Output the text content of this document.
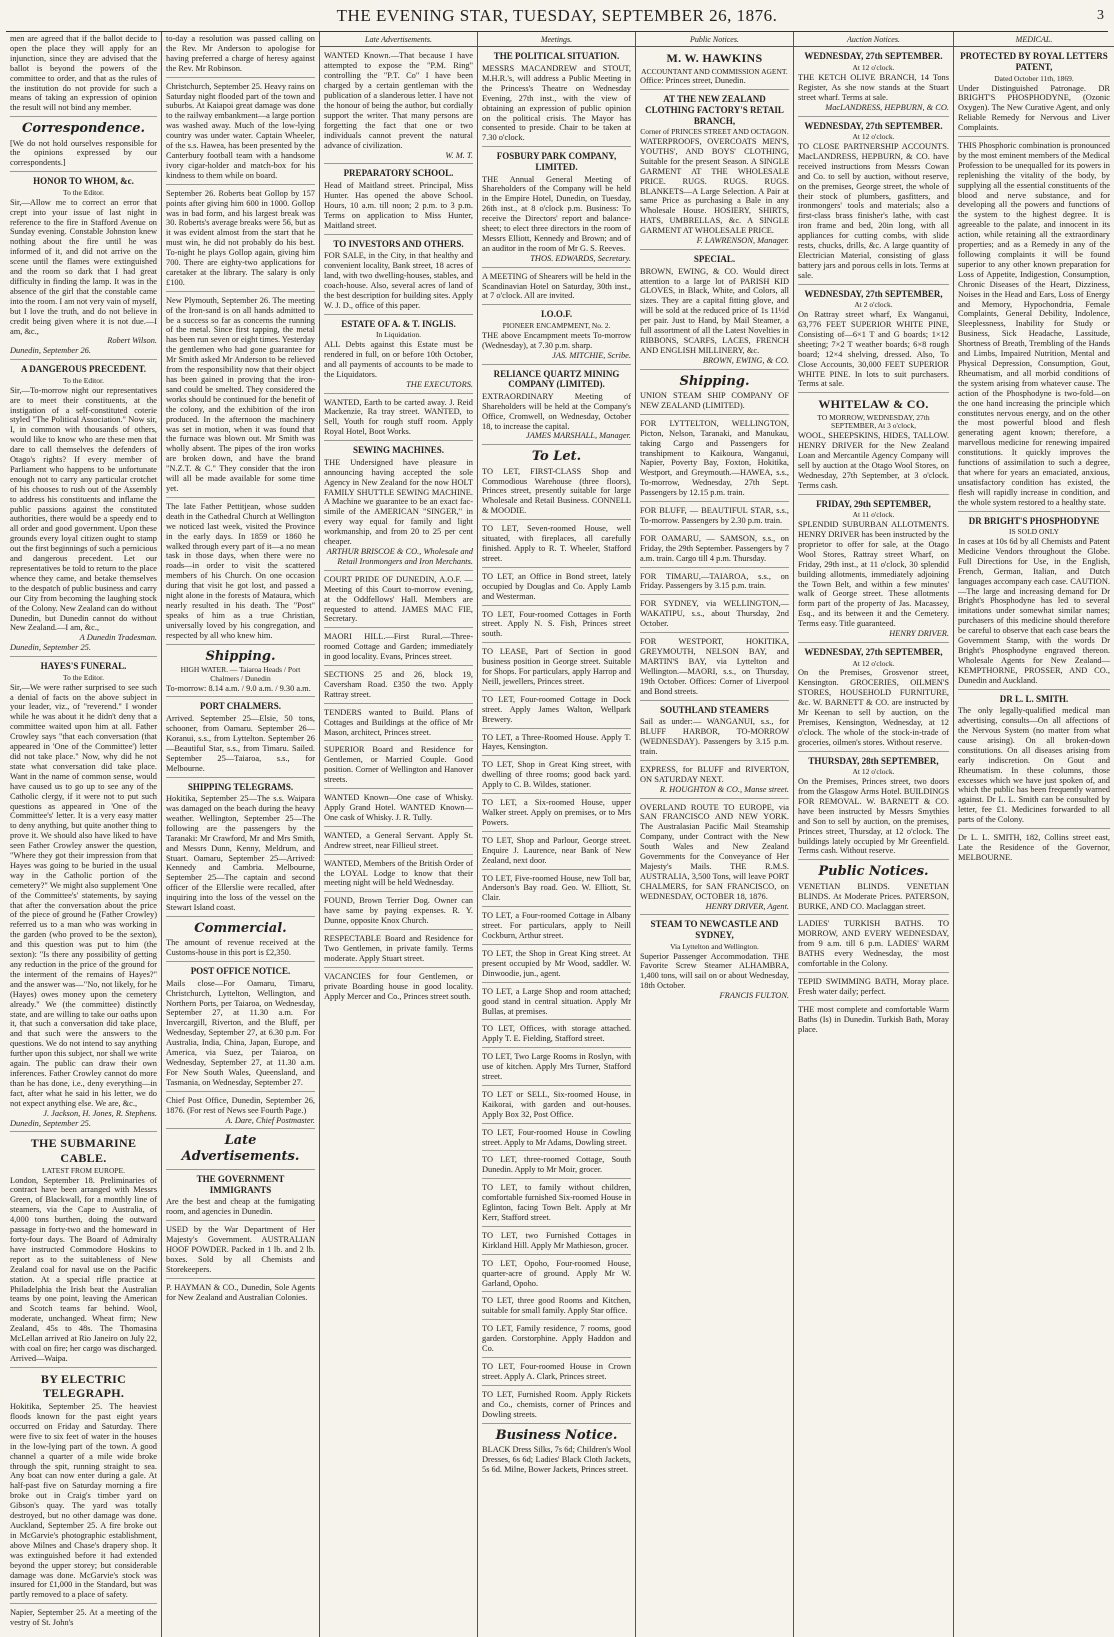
THE EVENING STAR, TUESDAY, SEPTEMBER 26, 1876.	3
men are agreed that if the ballot decide to open the place they will apply for an injunction, since they are advised that the ballot is beyond the powers of the committee to order, and that as the rules of the institution do not provide for such a means of taking an expression of opinion the result will not bind any member.
Correspondence.
[We do not hold ourselves responsible for the opinions expressed by our correspondents.]
HONOR TO WHOM, &c.
To the Editor.
Sir,—Allow me to correct an error that crept into your issue of last night in reference to the fire in Stafford Avenue on Sunday evening. Constable Johnston knew nothing about the fire until he was informed of it, and did not arrive on the scene until the flames were extinguished and the room so dark that I had great difficulty in finding the lamp. It was in the absence of the girl that the constable came into the room. I am not very vain of myself, but I love the truth, and do not believe in credit being given where it is not due.—I am, &c.,
Robert Wilson.
Dunedin, September 26.
A DANGEROUS PRECEDENT.
To the Editor.
Sir,—To-morrow night our representatives are to meet their constituents, at the instigation of a self-constituted coterie styled "The Political Association." Now sir, I, in common with thousands of others, would like to know who are these men that dare to call themselves the defenders of Otago's rights? If every member of Parliament who happens to be unfortunate enough not to carry any particular crotchet of his chooses to rush out of the Assembly to address his constituents and inflame the public passions against the constituted authorities, there would be a speedy end to all order and good government. Upon these grounds every loyal citizen ought to stamp out the first beginnings of such a pernicious and dangerous precedent. Let our representatives be told to return to the place whence they came, and betake themselves to the despatch of public business and carry our City from becoming the laughing stock of the Colony. New Zealand can do without Dunedin, but Dunedin cannot do without New Zealand.—I am, &c.,
A Dunedin Tradesman.
Dunedin, September 25.
HAYES'S FUNERAL.
To the Editor.
Sir,—We were rather surprised to see such a denial of facts on the above subject in your leader, viz., of "reverend." I wonder while he was about it he didn't deny that a committee waited upon him at all. Father Crowley says "that each conversation (that appeared in 'One of the Committee') letter did not take place." Now, why did he not state what conversation did take place. Want in the name of common sense, would have caused us to go up to see any of the Catholic clergy, if it were not to put such questions as appeared in 'One of the Committee's' letter. It is a very easy matter to deny anything, but quite another thing to prove it. We should also have liked to have seen Father Crowley answer the question, "Where they got their impression from that Hayes was going to be buried in the usual way in the Catholic portion of the cemetery?" We might also supplement 'One of the Committee's' statements, by saying that after the conversation about the price of the piece of ground he (Father Crowley) referred us to a man who was working in the garden (who proved to be the sexton), and this question was put to him (the sexton): "Is there any possibility of getting any reduction in the price of the ground for the interment of the remains of Hayes?" and the answer was—"No, not likely, for he (Hayes) owes money upon the cemetery already." We (the committee) distinctly state, and are willing to take our oaths upon it, that such a conversation did take place, and that such were the answers to the questions. We do not intend to say anything further upon this subject, nor shall we write again. The public can draw their own inferences. Father Crowley cannot do more than he has done, i.e., deny everything—in fact, after what he said in his letter, we do not expect anything else. We are, &c.,
J. Jackson, H. Jones, R. Stephens.
Dunedin, September 25.
THE SUBMARINE CABLE.
LATEST FROM EUROPE.
London, September 18. Preliminaries of contract have been arranged with Messrs Green, of Blackwall, for a monthly line of steamers, via the Cape to Australia, of 4,000 tons burthen, doing the outward passage in forty-two and the homeward in forty-four days. The Board of Admiralty have instructed Commodore Hoskins to report as to the suitableness of New Zealand coal for naval use on the Pacific station. At a special rifle practice at Philadelphia the Irish beat the Australian teams by one point, leaving the American and Scotch teams far behind. Wool, moderate, unchanged. Wheat firm; New Zealand, 45s to 48s. The Thomasina McLellan arrived at Rio Janeiro on July 22, with coal on fire; her cargo was discharged. Arrived—Waipa.
BY ELECTRIC TELEGRAPH.
Hokitika, September 25. The heaviest floods known for the past eight years occurred on Friday and Saturday. There were five to six feet of water in the houses in the low-lying part of the town. A good channel a quarter of a mile wide broke through the spit, running straight to sea. Any boat can now enter during a gale. At half-past five on Saturday morning a fire broke out in Craig's timber yard on Gibson's quay. The yard was totally destroyed, but no other damage was done. Auckland, September 25. A fire broke out in McGarvie's photographic establishment, above Milnes and Chase's drapery shop. It was extinguished before it had extended beyond the upper storey; but considerable damage was done. McGarvie's stock was insured for £1,000 in the Standard, but was partly removed to a place of safety.
Napier, September 25. At a meeting of the vestry of St. John's
to-day a resolution was passed calling on the Rev. Mr Anderson to apologise for having preferred a charge of heresy against the Rev. Mr Robinson.
Christchurch, September 25. Heavy rains on Saturday night flooded part of the town and suburbs. At Kaiapoi great damage was done to the railway embankment—a large portion was washed away. Much of the low-lying country was under water. Captain Wheeler, of the s.s. Hawea, has been presented by the Canterbury football team with a handsome ivory cigar-holder and match-box for his kindness to them while on board.
September 26. Roberts beat Gollop by 157 points after giving him 600 in 1000. Gollop was in bad form, and his largest break was 30. Roberts's average breaks were 56, but as it was evident almost from the start that he must win, he did not probably do his best. To-night he plays Gollop again, giving him 700. There are eighty-two applications for caretaker at the library. The salary is only £100.
New Plymouth, September 26. The meeting of the Iron-sand is on all hands admitted to be a success so far as concerns the running of the metal. Since first tapping, the metal has been run seven or eight times. Yesterday the gentlemen who had gone guarantee for Mr Smith asked Mr Anderson to be relieved from the responsibility now that their object has been gained in proving that the iron-sand could be smelted. They considered the works should be continued for the benefit of the colony, and the exhibition of the iron produced. In the afternoon the machinery was set in motion, when it was found that the furnace was blown out. Mr Smith was wholly absent. The pipes of the iron works are broken down, and have the brand "N.Z.T. & C." They consider that the iron will all be made available for some time yet.
The late Father Pettitjean, whose sudden death in the Cathedral Church at Wellington we noticed last week, visited the Province in the early days. In 1859 or 1860 he walked through every part of it—a no mean task in those days, when there were no roads—in order to visit the scattered members of his Church. On one occasion during that visit he got lost, and passed a night alone in the forests of Mataura, which nearly resulted in his death. The "Post" speaks of him as a true Christian, universally loved by his congregation, and respected by all who knew him.
Shipping.
HIGH WATER. — Taiaroa Heads / Port Chalmers / Dunedin
To-morrow: 8.14 a.m. / 9.0 a.m. / 9.30 a.m.
PORT CHALMERS.
Arrived. September 25—Elsie, 50 tons, schooner, from Oamaru. September 26—Koranui, s.s., from Lyttelton. September 26—Beautiful Star, s.s., from Timaru. Sailed. September 25—Taiaroa, s.s., for Melbourne.
SHIPPING TELEGRAMS.
Hokitika, September 25—The s.s. Waipara was damaged on the beach during the heavy weather. Wellington, September 25—The following are the passengers by the Taranaki: Mr Crawford, Mr and Mrs Smith, and Messrs Dunn, Kenny, Meldrum, and Stuart. Oamaru, September 25—Arrived: Kennedy and Cambria. Melbourne, September 25—The captain and second officer of the Ellerslie were recalled, after inquiring into the loss of the vessel on the Stewart Island coast.
Commercial.
The amount of revenue received at the Customs-house in this port is £2,350.
POST OFFICE NOTICE.
Mails close—For Oamaru, Timaru, Christchurch, Lyttelton, Wellington, and Northern Ports, per Taiaroa, on Wednesday, September 27, at 11.30 a.m. For Invercargill, Riverton, and the Bluff, per Wednesday, September 27, at 6.30 p.m. For Australia, India, China, Japan, Europe, and America, via Suez, per Taiaroa, on Wednesday, September 27, at 11.30 a.m. For New South Wales, Queensland, and Tasmania, on Wednesday, September 27.
Chief Post Office, Dunedin, September 26, 1876. (For rest of News see Fourth Page.)
A. Dare, Chief Postmaster.
Late Advertisements.
THE GOVERNMENT IMMIGRANTS
Are the best and cheap at the fumigating room, and agencies in Dunedin.
USED by the War Department of Her Majesty's Government. AUSTRALIAN HOOF POWDER. Packed in 1 lb. and 2 lb. boxes. Sold by all Chemists and Storekeepers.
P. HAYMAN & CO., Dunedin, Sole Agents for New Zealand and Australian Colonies.
Late Advertisements.
WANTED Known.—That because I have attempted to expose the "P.M. Ring" controlling the "P.T. Co" I have been charged by a certain gentleman with the publication of a slanderous letter. I have not the honour of being the author, but cordially support the writer. That many persons are forgetting the fact that one or two individuals cannot prevent the natural advance of civilization.
W. M. T.
PREPARATORY SCHOOL.
Head of Maitland street. Principal, Miss Hunter. Has opened the above School. Hours, 10 a.m. till noon; 2 p.m. to 3 p.m. Terms on application to Miss Hunter, Maitland street.
TO INVESTORS AND OTHERS.
FOR SALE, in the City, in that healthy and convenient locality, Bank street, 18 acres of land, with two dwelling-houses, stables, and coach-house. Also, several acres of land of the best description for building sites. Apply W. J. D., office of this paper.
ESTATE OF A. & T. INGLIS.
In Liquidation.
ALL Debts against this Estate must be rendered in full, on or before 10th October, and all payments of accounts to be made to the Liquidators.
THE EXECUTORS.
WANTED, Earth to be carted away. J. Reid Mackenzie, Ra tray street. WANTED, to Sell, Youth for rough stuff room. Apply Royal Hotel, Boot Works.
SEWING MACHINES.
THE Undersigned have pleasure in announcing having accepted the sole Agency in New Zealand for the now HOLT FAMILY SHUTTLE SEWING MACHINE. A Machine we guarantee to be an exact fac-simile of the AMERICAN "SINGER," in every way equal for family and light workmanship, and from 20 to 25 per cent cheaper.
ARTHUR BRISCOE & CO., Wholesale and Retail Ironmongers and Iron Merchants.
COURT PRIDE OF DUNEDIN, A.O.F. — Meeting of this Court to-morrow evening, at the Oddfellows' Hall. Members are requested to attend. JAMES MAC FIE, Secretary.
MAORI HILL.—First Rural.—Three-roomed Cottage and Garden; immediately in good locality. Evans, Princes street.
SECTIONS 25 and 26, block 19, Caversham Road. £350 the two. Apply Rattray street.
TENDERS wanted to Build. Plans of Cottages and Buildings at the office of Mr Mason, architect, Princes street.
SUPERIOR Board and Residence for Gentlemen, or Married Couple. Good position. Corner of Wellington and Hanover streets.
WANTED Known—One case of Whisky. Apply Grand Hotel. WANTED Known—One cask of Whisky. J. R. Tully.
WANTED, a General Servant. Apply St. Andrew street, near Fillieul street.
WANTED, Members of the British Order of the LOYAL Lodge to know that their meeting night will be held Wednesday.
FOUND, Brown Terrier Dog. Owner can have same by paying expenses. R. Y. Dunne, opposite Knox Church.
RESPECTABLE Board and Residence for Two Gentlemen, in private family. Terms moderate. Apply Stuart street.
VACANCIES for four Gentlemen, or private Boarding house in good locality. Apply Mercer and Co., Princes street south.
Meetings.
THE POLITICAL SITUATION.
MESSRS MACANDREW and STOUT, M.H.R.'s, will address a Public Meeting in the Princess's Theatre on Wednesday Evening, 27th inst., with the view of obtaining an expression of public opinion on the political crisis. The Mayor has consented to preside. Chair to be taken at 7.30 o'clock.
FOSBURY PARK COMPANY, LIMITED.
THE Annual General Meeting of Shareholders of the Company will be held in the Empire Hotel, Dunedin, on Tuesday, 26th inst., at 8 o'clock p.m. Business: To receive the Directors' report and balance-sheet; to elect three directors in the room of Messrs Elliott, Kennedy and Brown; and of an auditor in the room of Mr G. S. Reeves.
THOS. EDWARDS, Secretary.
A MEETING of Shearers will be held in the Scandinavian Hotel on Saturday, 30th inst., at 7 o'clock. All are invited.
I.O.O.F.
PIONEER ENCAMPMENT, No. 2.
THE above Encampment meets To-morrow (Wednesday), at 7.30 p.m. sharp.
JAS. MITCHIE, Scribe.
RELIANCE QUARTZ MINING COMPANY (LIMITED).
EXTRAORDINARY Meeting of Shareholders will be held at the Company's Office, Cromwell, on Wednesday, October 18, to increase the capital.
JAMES MARSHALL, Manager.
To Let.
TO LET, FIRST-CLASS Shop and Commodious Warehouse (three floors), Princes street, presently suitable for large Wholesale and Retail Business. CONNELL & MOODIE.
TO LET, Seven-roomed House, well situated, with fireplaces, all carefully finished. Apply to R. T. Wheeler, Stafford street.
TO LET, an Office in Bond street, lately occupied by Douglas and Co. Apply Lamb and Westerman.
TO LET, Four-roomed Cottages in Forth street. Apply N. S. Fish, Princes street south.
TO LEASE, Part of Section in good business position in George street. Suitable for Shops. For particulars, apply Harrop and Neill, jewellers, Princes street.
TO LET, Four-roomed Cottage in Dock street. Apply James Walton, Wellpark Brewery.
TO LET, a Three-Roomed House. Apply T. Hayes, Kensington.
TO LET, Shop in Great King street, with dwelling of three rooms; good back yard. Apply to C. B. Wildes, stationer.
TO LET, a Six-roomed House, upper Walker street. Apply on premises, or to Mrs Powers.
TO LET, Shop and Parlour, George street. Enquire J. Laurence, near Bank of New Zealand, next door.
TO LET, Five-roomed House, new Toll bar, Anderson's Bay road. Geo. W. Elliott, St. Clair.
TO LET, a Four-roomed Cottage in Albany street. For particulars, apply to Neill Cockburn, Arthur street.
TO LET, the Shop in Great King street. At present occupied by Mr Wood, saddler. W. Dinwoodie, jun., agent.
TO LET, a Large Shop and room attached; good stand in central situation. Apply Mr Bullas, at premises.
TO LET, Offices, with storage attached. Apply T. E. Fielding, Stafford street.
TO LET, Two Large Rooms in Roslyn, with use of kitchen. Apply Mrs Turner, Stafford street.
TO LET or SELL, Six-roomed House, in Kaikorai, with garden and out-houses. Apply Box 32, Post Office.
TO LET, Four-roomed House in Cowling street. Apply to Mr Adams, Dowling street.
TO LET, three-roomed Cottage, South Dunedin. Apply to Mr Moir, grocer.
TO LET, to family without children, comfortable furnished Six-roomed House in Eglinton, facing Town Belt. Apply at Mr Kerr, Stafford street.
TO LET, two Furnished Cottages in Kirkland Hill. Apply Mr Mathieson, grocer.
TO LET, Opoho, Four-roomed House, quarter-acre of ground. Apply Mr W. Garland, Opoho.
TO LET, three good Rooms and Kitchen, suitable for small family. Apply Star office.
TO LET, Family residence, 7 rooms, good garden. Corstorphine. Apply Haddon and Co.
TO LET, Four-roomed House in Crown street. Apply A. Clark, Princes street.
TO LET, Furnished Room. Apply Rickets and Co., chemists, corner of Princes and Dowling streets.
Business Notice.
BLACK Dress Silks, 7s 6d; Children's Wool Dresses, 6s 6d; Ladies' Black Cloth Jackets, 5s 6d. Milne, Bower Jackets, Princes street.
Public Notices.
M. W. HAWKINS
ACCOUNTANT AND COMMISSION AGENT.
Office: Princes street, Dunedin.
AT THE NEW ZEALAND CLOTHING FACTORY'S RETAIL BRANCH,
Corner of PRINCES STREET AND OCTAGON.
WATERPROOFS, OVERCOATS MEN'S, YOUTHS', AND BOYS' CLOTHING, Suitable for the present Season. A SINGLE GARMENT AT THE WHOLESALE PRICE. RUGS. RUGS. RUGS. BLANKETS—A Large Selection. A Pair at same Price as purchasing a Bale in any Wholesale House. HOSIERY, SHIRTS, HATS, UMBRELLAS, &c. A SINGLE GARMENT AT WHOLESALE PRICE.
F. LAWRENSON, Manager.
SPECIAL.
BROWN, EWING, & CO. Would direct attention to a large lot of PARISH KID GLOVES, in Black, White, and Colors, all sizes. They are a capital fitting glove, and will be sold at the reduced price of 1s 11½d per pair. Just to Hand, by Mail Steamer, a full assortment of all the Latest Novelties in RIBBONS, SCARFS, LACES, FRENCH AND ENGLISH MILLINERY, &c.
BROWN, EWING, & CO.
Shipping.
UNION STEAM SHIP COMPANY OF NEW ZEALAND (LIMITED).
FOR LYTTELTON, WELLINGTON, Picton, Nelson, Taranaki, and Manukau, taking Cargo and Passengers for transhipment to Kaikoura, Wanganui, Napier, Poverty Bay, Foxton, Hokitika, Westport, and Greymouth.—HAWEA, s.s., To-morrow, Wednesday, 27th Sept. Passengers by 12.15 p.m. train.
FOR BLUFF, — BEAUTIFUL STAR, s.s., To-morrow. Passengers by 2.30 p.m. train.
FOR OAMARU, — SAMSON, s.s., on Friday, the 29th September. Passengers by 7 a.m. train. Cargo till 4 p.m. Thursday.
FOR TIMARU,—TAIAROA, s.s., on Friday. Passengers by 3.15 p.m. train.
FOR SYDNEY, via WELLINGTON,—WAKATIPU, s.s., about Thursday, 2nd October.
FOR WESTPORT, HOKITIKA, GREYMOUTH, NELSON BAY, and MARTIN'S BAY, via Lyttelton and Wellington.—MAORI, s.s., on Thursday, 19th October. Offices: Corner of Liverpool and Bond streets.
SOUTHLAND STEAMERS
Sail as under:— WANGANUI, s.s., for BLUFF HARBOR, TO-MORROW (WEDNESDAY). Passengers by 3.15 p.m. train.
EXPRESS, for BLUFF and RIVERTON, ON SATURDAY NEXT.
R. HOUGHTON & CO., Manse street.
OVERLAND ROUTE TO EUROPE, via SAN FRANCISCO AND NEW YORK. The Australasian Pacific Mail Steamship Company, under Contract with the New South Wales and New Zealand Governments for the Conveyance of Her Majesty's Mails. THE R.M.S. AUSTRALIA, 3,500 Tons, will leave PORT CHALMERS, for SAN FRANCISCO, on WEDNESDAY, OCTOBER 18, 1876.
HENRY DRIVER, Agent.
STEAM TO NEWCASTLE AND SYDNEY,
Via Lyttelton and Wellington.
Superior Passenger Accommodation. THE Favorite Screw Steamer ALHAMBRA, 1,400 tons, will sail on or about Wednesday, 18th October.
FRANCIS FULTON.
Auction Notices.
WEDNESDAY, 27th SEPTEMBER.
At 12 o'clock.
THE KETCH OLIVE BRANCH, 14 Tons Register, As she now stands at the Stuart street wharf. Terms at sale.
MacLANDRESS, HEPBURN, & CO.
WEDNESDAY, 27th SEPTEMBER.
At 12 o'clock.
TO CLOSE PARTNERSHIP ACCOUNTS. MacLANDRESS, HEPBURN, & CO. have received instructions from Messrs Cowan and Co. to sell by auction, without reserve, on the premises, George street, the whole of their stock of plumbers, gasfitters, and ironmongers' tools and materials; also a first-class brass finisher's lathe, with cast iron frame and bed, 20in long, with all appliances for cutting combs, with slide rests, chucks, drills, &c. A large quantity of Electrician Material, consisting of glass battery jars and porous cells in lots. Terms at sale.
WEDNESDAY, 27th SEPTEMBER,
At 2 o'clock.
On Rattray street wharf, Ex Wanganui, 63,776 FEET SUPERIOR WHITE PINE, Consisting of—6×1 T and G boards; 1×12 sheeting; 7×2 T weather boards; 6×8 rough board; 12×4 shelving, dressed. Also, To Close Accounts, 30,000 FEET SUPERIOR WHITE PINE. In lots to suit purchasers. Terms at sale.
WHITELAW & CO.
TO MORROW, WEDNESDAY, 27th SEPTEMBER, At 3 o'clock,
WOOL, SHEEPSKINS, HIDES, TALLOW. HENRY DRIVER for the New Zealand Loan and Mercantile Agency Company will sell by auction at the Otago Wool Stores, on Wednesday, 27th September, at 3 o'clock. Terms cash.
FRIDAY, 29th SEPTEMBER,
At 11 o'clock.
SPLENDID SUBURBAN ALLOTMENTS. HENRY DRIVER has been instructed by the proprietor to offer for sale, at the Otago Wool Stores, Rattray street Wharf, on Friday, 29th inst., at 11 o'clock, 30 splendid building allotments, immediately adjoining the Town Belt, and within a few minutes' walk of George street. These allotments form part of the property of Jas. Macassey, Esq., and its between it and the Cemetery. Terms easy. Title guaranteed.
HENRY DRIVER.
WEDNESDAY, 27th SEPTEMBER,
At 12 o'clock.
On the Premises, Grosvenor street, Kensington. GROCERIES, OILMEN'S STORES, HOUSEHOLD FURNITURE, &c. W. BARNETT & CO. are instructed by Mr Keenan to sell by auction, on the Premises, Kensington, Wednesday, at 12 o'clock. The whole of the stock-in-trade of groceries, oilmen's stores. Without reserve.
THURSDAY, 28th SEPTEMBER,
At 12 o'clock.
On the Premises, Princes street, two doors from the Glasgow Arms Hotel. BUILDINGS FOR REMOVAL. W. BARNETT & CO. have been instructed by Messrs Smythies and Son to sell by auction, on the premises, Princes street, Thursday, at 12 o'clock. The buildings lately occupied by Mr Greenfield. Terms cash. Without reserve.
Public Notices.
VENETIAN BLINDS. VENETIAN BLINDS. At Moderate Prices. PATERSON, BURKE, AND CO. Maclaggan street.
LADIES' TURKISH BATHS. TO MORROW, AND EVERY WEDNESDAY, from 9 a.m. till 6 p.m. LADIES' WARM BATHS every Wednesday, the most comfortable in the Colony.
TEPID SWIMMING BATH, Moray place. Fresh water daily; perfect.
THE most complete and comfortable Warm Baths (Is) in Dunedin. Turkish Bath, Moray place.
MEDICAL.
PROTECTED BY ROYAL LETTERS PATENT,
Dated October 11th, 1869.
Under Distinguished Patronage. DR BRIGHT'S PHOSPHODYNE, (Ozonic Oxygen). The New Curative Agent, and only Reliable Remedy for Nervous and Liver Complaints.
THIS Phosphoric combination is pronounced by the most eminent members of the Medical Profession to be unequalled for its powers in replenishing the vitality of the body, by supplying all the essential constituents of the blood and nerve substance, and for developing all the powers and functions of the system to the highest degree. It is agreeable to the palate, and innocent in its action, while retaining all the extraordinary properties; and as a Remedy in any of the following complaints it will be found superior to any other known preparation for Loss of Appetite, Indigestion, Consumption, Chronic Diseases of the Heart, Dizziness, Noises in the Head and Ears, Loss of Energy and Memory, Hypochondria, Female Complaints, General Debility, Indolence, Sleeplessness, Inability for Study or Business, Sick Headache, Lassitude, Shortness of Breath, Trembling of the Hands and Limbs, Impaired Nutrition, Mental and Physical Depression, Consumption, Gout, Rheumatism, and all morbid conditions of the system arising from whatever cause. The action of the Phosphodyne is two-fold—on the one hand increasing the principle which constitutes nervous energy, and on the other the most powerful blood and flesh generating agent known; therefore, a marvellous medicine for renewing impaired constitutions. It quickly improves the functions of assimilation to such a degree, that where for years an emaciated, anxious, unsatisfactory condition has existed, the flesh will rapidly increase in condition, and the whole system restored to a healthy state.
DR BRIGHT'S PHOSPHODYNE
IS SOLD ONLY
In cases at 10s 6d by all Chemists and Patent Medicine Vendors throughout the Globe. Full Directions for Use, in the English, French, German, Italian, and Dutch languages accompany each case. CAUTION.—The large and increasing demand for Dr Bright's Phosphodyne has led to several imitations under somewhat similar names; purchasers of this medicine should therefore be careful to observe that each case bears the Government Stamp, with the words Dr Bright's Phosphodyne engraved thereon. Wholesale Agents for New Zealand—KEMPTHORNE, PROSSER, AND CO., Dunedin and Auckland.
DR L. L. SMITH.
The only legally-qualified medical man advertising, consults—On all affections of the Nervous System (no matter from what cause arising). On all broken-down constitutions. On all diseases arising from early indiscretion. On Gout and Rheumatism. In these columns, those excesses which we have just spoken of, and which the public has been frequently warned against. Dr L. L. Smith can be consulted by letter, fee £1. Medicines forwarded to all parts of the Colony.
Dr L. L. SMITH, 182, Collins street east, Late the Residence of the Governor, MELBOURNE.
